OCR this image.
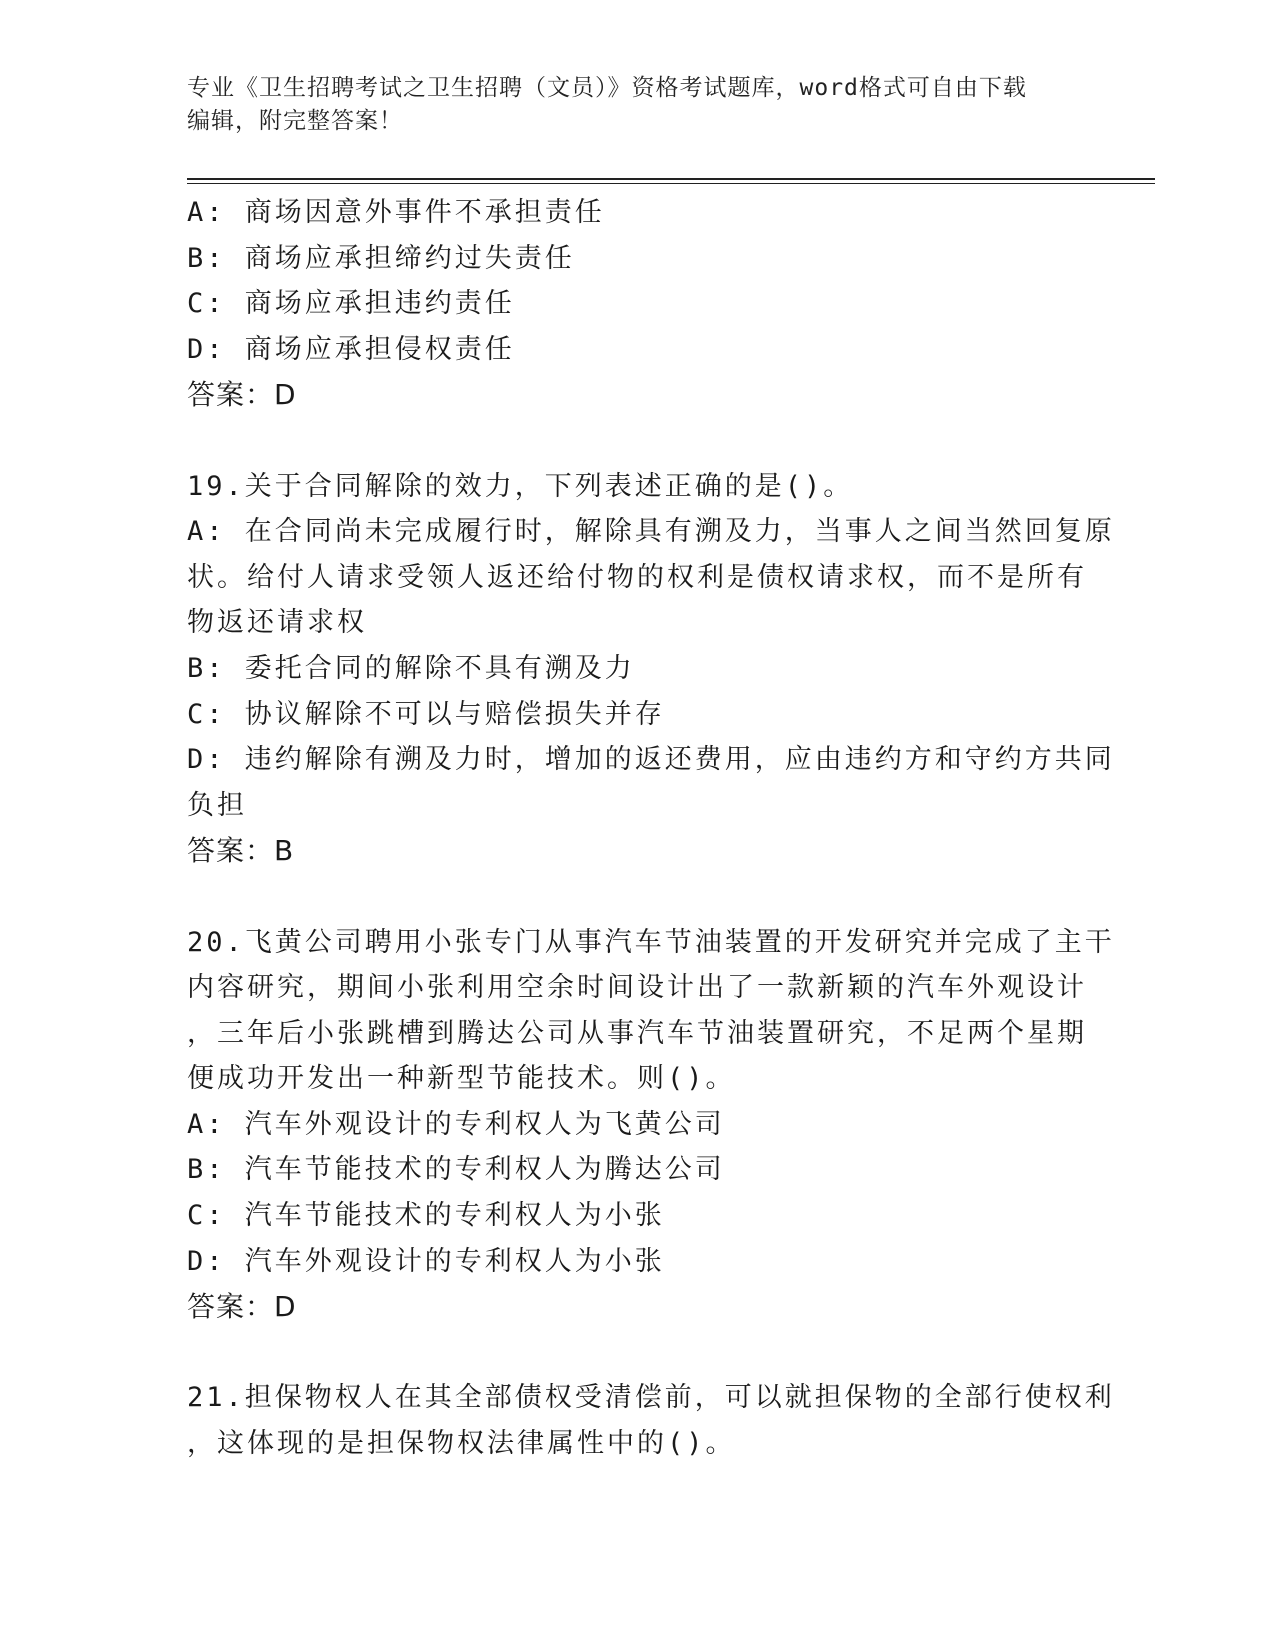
专业《卫生招聘考试之卫生招聘（文员）》资格考试题库，word格式可自由下载
编辑，附完整答案！
A: 商场因意外事件不承担责任
B: 商场应承担缔约过失责任
C: 商场应承担违约责任
D: 商场应承担侵权责任
答案：D
19.关于合同解除的效力，下列表述正确的是()。
A: 在合同尚未完成履行时，解除具有溯及力，当事人之间当然回复原
状。给付人请求受领人返还给付物的权利是债权请求权，而不是所有
物返还请求权
B: 委托合同的解除不具有溯及力
C: 协议解除不可以与赔偿损失并存
D: 违约解除有溯及力时，增加的返还费用，应由违约方和守约方共同
负担
答案：B
20.飞黄公司聘用小张专门从事汽车节油装置的开发研究并完成了主干
内容研究，期间小张利用空余时间设计出了一款新颖的汽车外观设计
，三年后小张跳槽到腾达公司从事汽车节油装置研究，不足两个星期
便成功开发出一种新型节能技术。则()。
A: 汽车外观设计的专利权人为飞黄公司
B: 汽车节能技术的专利权人为腾达公司
C: 汽车节能技术的专利权人为小张
D: 汽车外观设计的专利权人为小张
答案：D
21.担保物权人在其全部债权受清偿前，可以就担保物的全部行使权利
，这体现的是担保物权法律属性中的()。
